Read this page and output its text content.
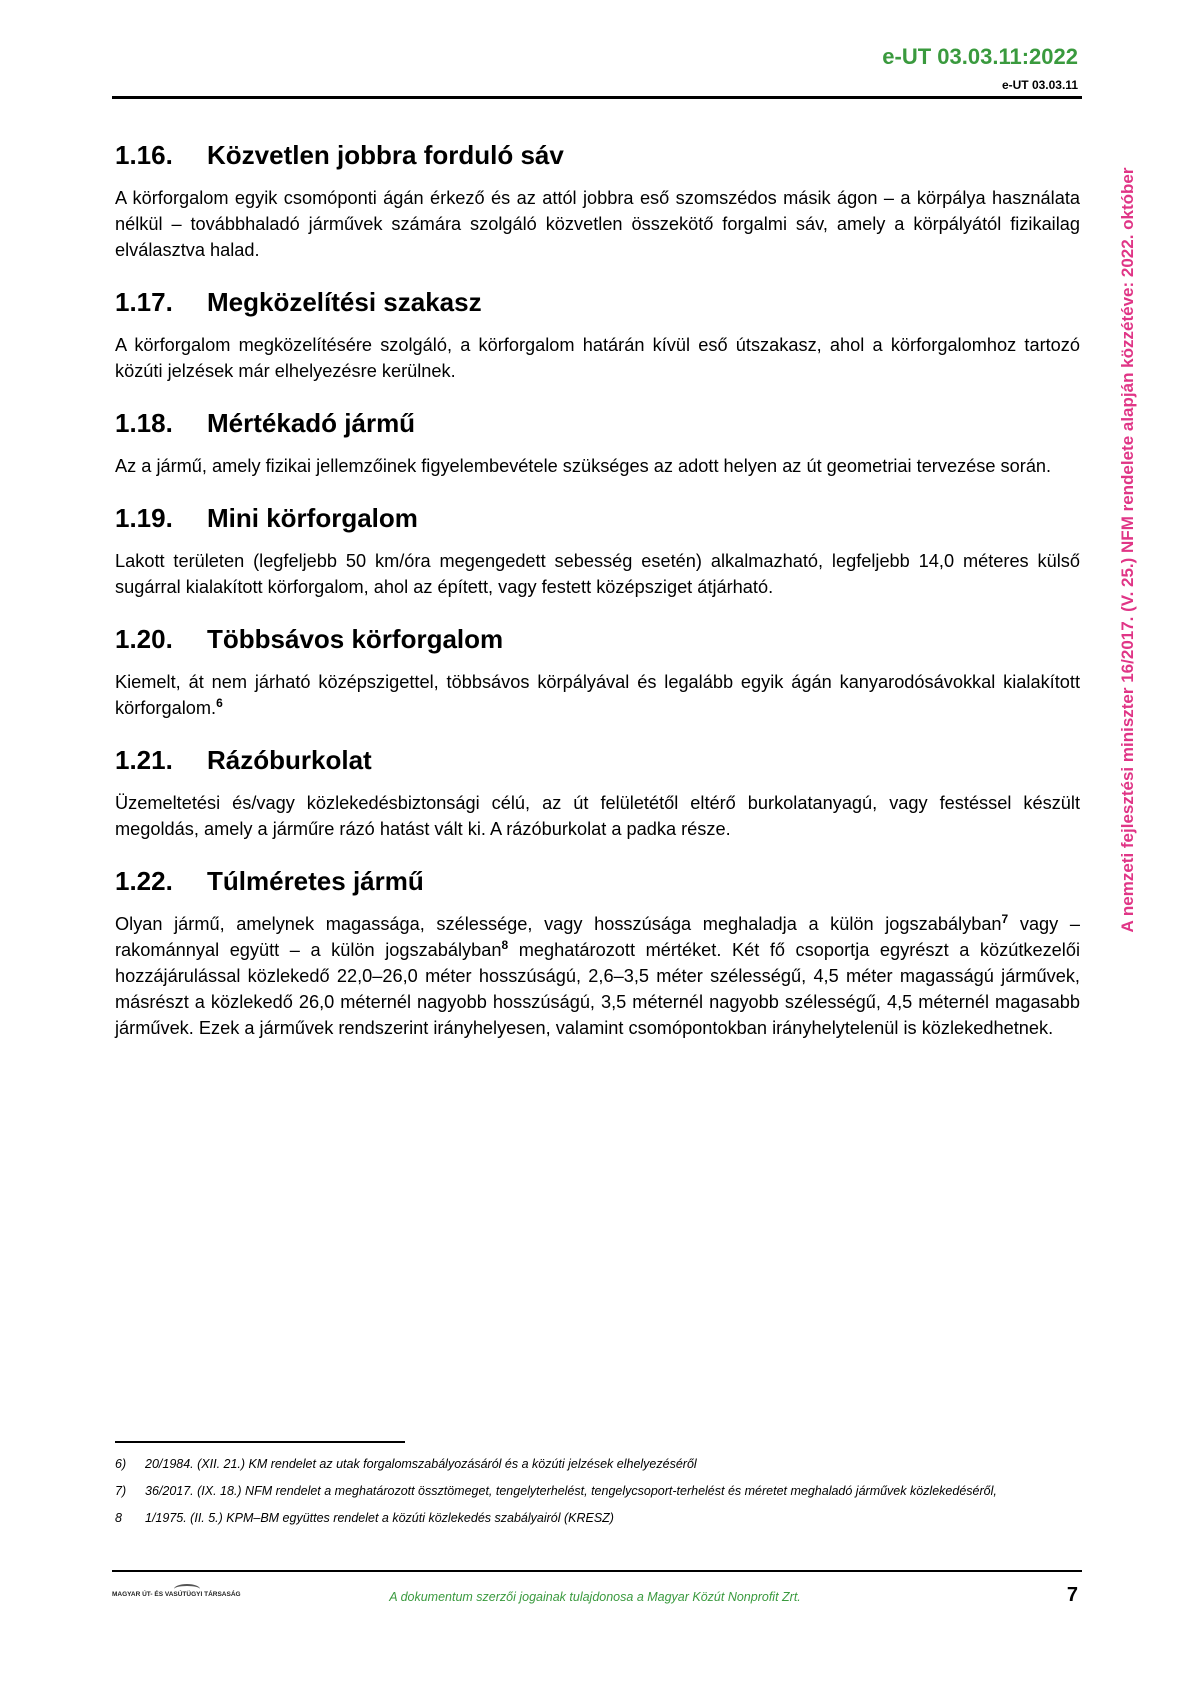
e-UT 03.03.11:2022
e-UT 03.03.11
A nemzeti fejlesztési miniszter 16/2017. (V. 25.) NFM rendelete alapján közzétéve: 2022. október
1.16.	Közvetlen jobbra forduló sáv

A körforgalom egyik csomóponti ágán érkező és az attól jobbra eső szomszédos másik ágon – a körpálya használata nélkül – továbbhaladó járművek számára szolgáló közvetlen összekötő forgalmi sáv, amely a körpályától fizikailag elválasztva halad.

1.17.	Megközelítési szakasz

A körforgalom megközelítésére szolgáló, a körforgalom határán kívül eső útszakasz, ahol a körforgalomhoz tartozó közúti jelzések már elhelyezésre kerülnek.

1.18.	Mértékadó jármű

Az a jármű, amely fizikai jellemzőinek figyelembevétele szükséges az adott helyen az út geometriai tervezése során.

1.19.	Mini körforgalom

Lakott területen (legfeljebb 50 km/óra megengedett sebesség esetén) alkalmazható, legfeljebb 14,0 méteres külső sugárral kialakított körforgalom, ahol az épített, vagy festett középsziget átjárható.

1.20.	Többsávos körforgalom

Kiemelt, át nem járható középszigettel, többsávos körpályával és legalább egyik ágán kanyarodósávokkal kialakított körforgalom.$^6$

1.21.	Rázóburkolat

Üzemeltetési és/vagy közlekedésbiztonsági célú, az út felületétől eltérő burkolatanyagú, vagy festéssel készült megoldás, amely a járműre rázó hatást vált ki. A rázóburkolat a padka része.

1.22.	Túlméretes jármű

Olyan jármű, amelynek magassága, szélessége, vagy hosszúsága meghaladja a külön jogszabályban$^7$ vagy – rakománnyal együtt – a külön jogszabályban$^8$ meghatározott mértéket. Két fő csoportja egyrészt a közútkezelői hozzájárulással közlekedő 22,0–26,0 méter hosszúságú, 2,6–3,5 méter szélességű, 4,5 méter magasságú járművek, másrészt a közlekedő 26,0 méternél nagyobb hosszúságú, 3,5 méternél nagyobb szélességű, 4,5 méternél magasabb járművek. Ezek a járművek rendszerint irányhelyesen, valamint csomópontokban irányhelytelenül is közlekedhetnek.

6)	20/1984. (XII. 21.) KM rendelet az utak forgalomszabályozásáról és a közúti jelzések elhelyezéséről
7)	36/2017. (IX. 18.) NFM rendelet a meghatározott össztömeget, tengelyterhelést, tengelycsoport-terhelést és méretet meghaladó járművek közlekedéséről,
8	1/1975. (II. 5.) KPM–BM együttes rendelet a közúti közlekedés szabályairól (KRESZ)
MAGYAR ÚT- ÉS VASÚTÜGYI TÁRSASÁG	A dokumentum szerzői jogainak tulajdonosa a Magyar Közút Nonprofit Zrt.	7
